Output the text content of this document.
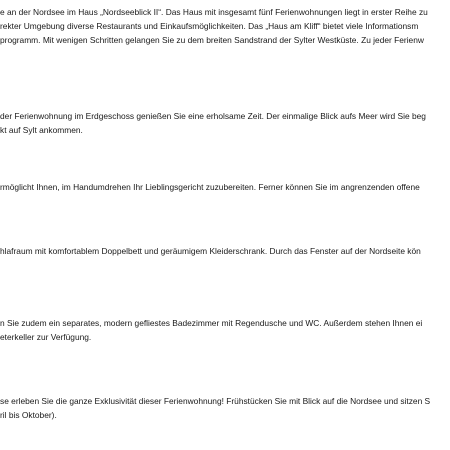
e an der Nordsee im Haus „Nordseeblick II“. Das Haus mit insgesamt fünf Ferienwohnungen liegt in erster Reihe zu
rekter Umgebung diverse Restaurants und Einkaufsmöglichkeiten. Das „Haus am Kliff“ bietet viele Informationsm
programm. Mit wenigen Schritten gelangen Sie zu dem breiten Sandstrand der Sylter Westküste. Zu jeder Ferienw

der Ferienwohnung im Erdgeschoss genießen Sie eine erholsame Zeit. Der einmalige Blick aufs Meer wird Sie beg
kt auf Sylt ankommen.

rmöglicht Ihnen, im Handumdrehen Ihr Lieblingsgericht zuzubereiten. Ferner können Sie im angrenzenden offene

hlafraum mit komfortablem Doppelbett und geräumigem Kleiderschrank. Durch das Fenster auf der Nordseite kön

n Sie zudem ein separates, modern gefliestes Badezimmer mit Regendusche und WC. Außerdem stehen Ihnen ei
eterkeller zur Verfügung.

se erleben Sie die ganze Exklusivität dieser Ferienwohnung! Frühstücken Sie mit Blick auf die Nordsee und sitzen S
ril bis Oktober).
